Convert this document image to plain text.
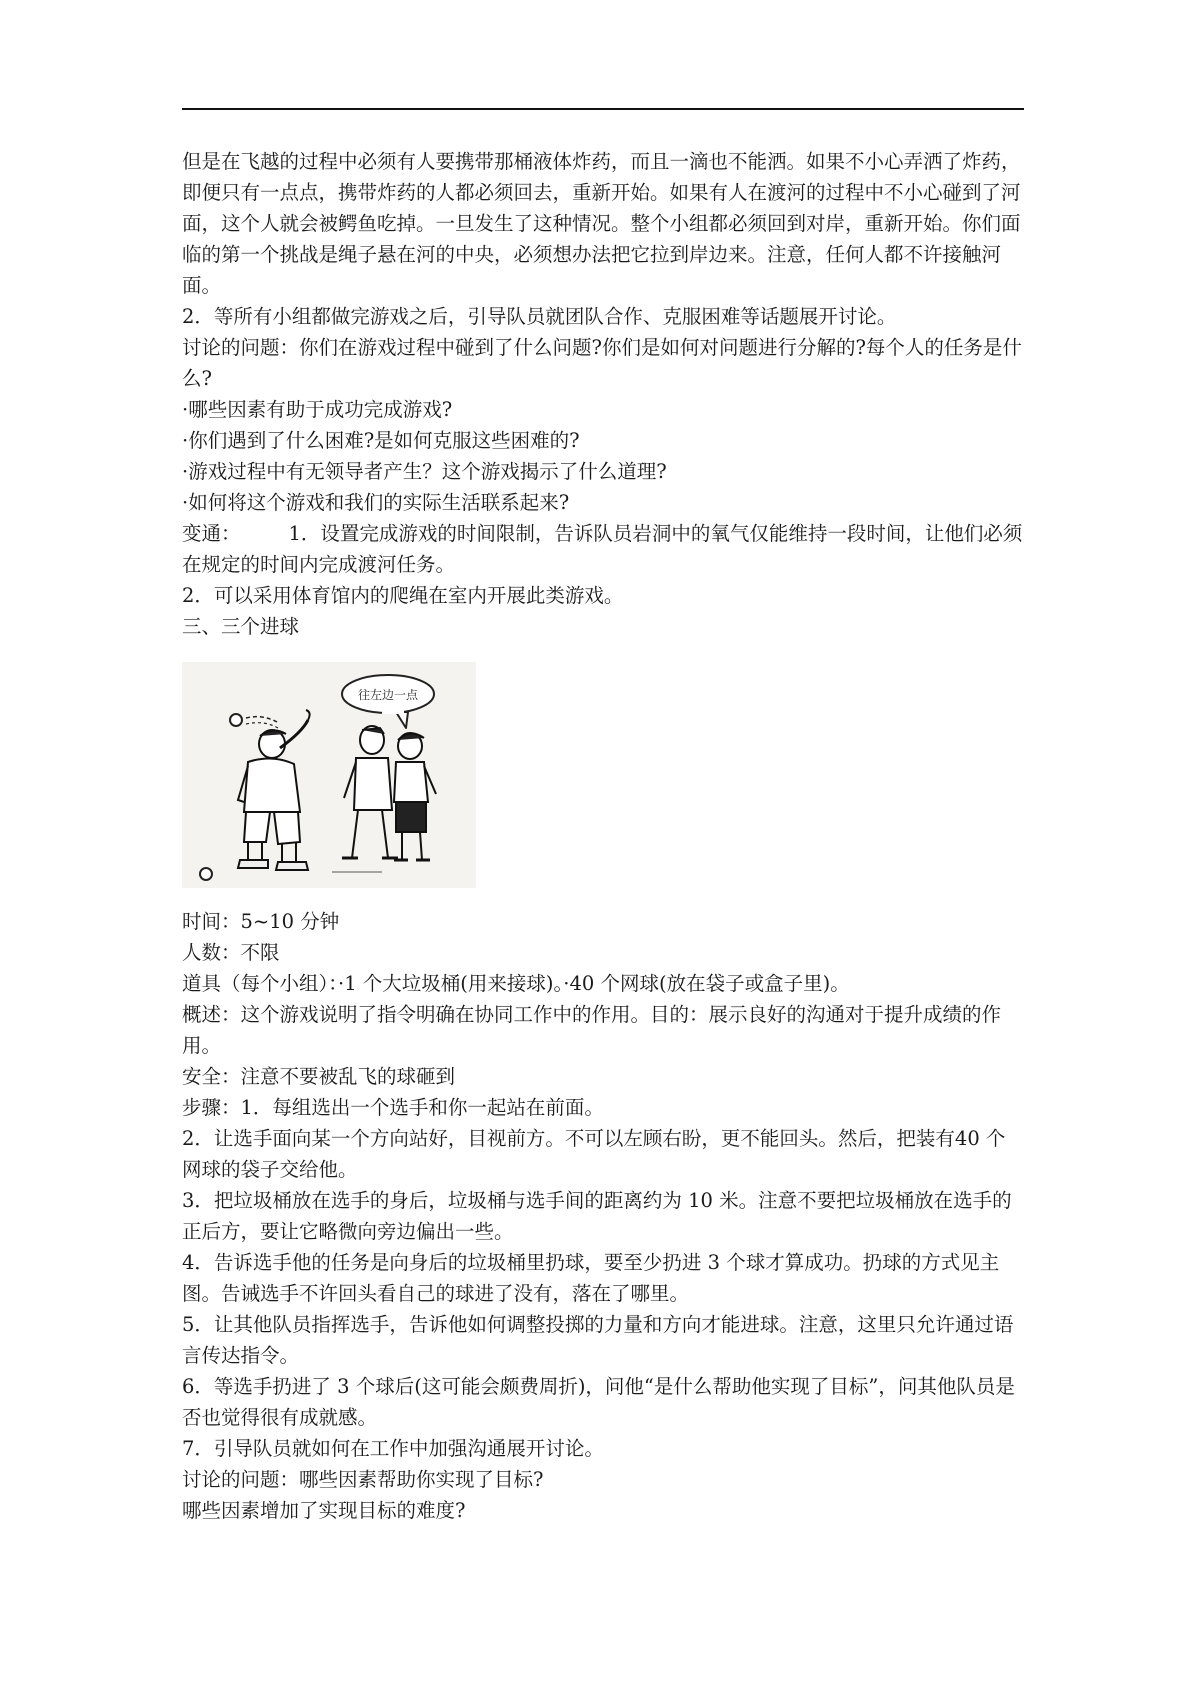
但是在飞越的过程中必须有人要携带那桶液体炸药，而且一滴也不能洒。如果不小心弄洒了炸药，即便只有一点点，携带炸药的人都必须回去，重新开始。如果有人在渡河的过程中不小心碰到了河面，这个人就会被鳄鱼吃掉。一旦发生了这种情况。整个小组都必须回到对岸，重新开始。你们面临的第一个挑战是绳子悬在河的中央，必须想办法把它拉到岸边来。注意，任何人都不许接触河面。

2．等所有小组都做完游戏之后，引导队员就团队合作、克服困难等话题展开讨论。

讨论的问题：你们在游戏过程中碰到了什么问题?你们是如何对问题进行分解的?每个人的任务是什么?

·哪些因素有助于成功完成游戏?

·你们遇到了什么困难?是如何克服这些困难的?

·游戏过程中有无领导者产生？这个游戏揭示了什么道理?

·如何将这个游戏和我们的实际生活联系起来?

变通： 1．设置完成游戏的时间限制，告诉队员岩洞中的氧气仅能维持一段时间，让他们必须在规定的时间内完成渡河任务。

2．可以采用体育馆内的爬绳在室内开展此类游戏。

三、三个进球

往左边一点

时间：5~10 分钟

人数：不限

道具（每个小组）：·1 个大垃圾桶(用来接球)。·40 个网球(放在袋子或盒子里)。

概述：这个游戏说明了指令明确在协同工作中的作用。目的：展示良好的沟通对于提升成绩的作用。

安全：注意不要被乱飞的球砸到

步骤：1．每组选出一个选手和你一起站在前面。

2．让选手面向某一个方向站好，目视前方。不可以左顾右盼，更不能回头。然后，把装有40 个网球的袋子交给他。

3．把垃圾桶放在选手的身后，垃圾桶与选手间的距离约为 10 米。注意不要把垃圾桶放在选手的正后方，要让它略微向旁边偏出一些。

4．告诉选手他的任务是向身后的垃圾桶里扔球，要至少扔进 3 个球才算成功。扔球的方式见主图。告诫选手不许回头看自己的球进了没有，落在了哪里。

5．让其他队员指挥选手，告诉他如何调整投掷的力量和方向才能进球。注意，这里只允许通过语言传达指令。

6．等选手扔进了 3 个球后(这可能会颇费周折)，问他“是什么帮助他实现了目标”，问其他队员是否也觉得很有成就感。

7．引导队员就如何在工作中加强沟通展开讨论。

讨论的问题：哪些因素帮助你实现了目标?

哪些因素增加了实现目标的难度?
